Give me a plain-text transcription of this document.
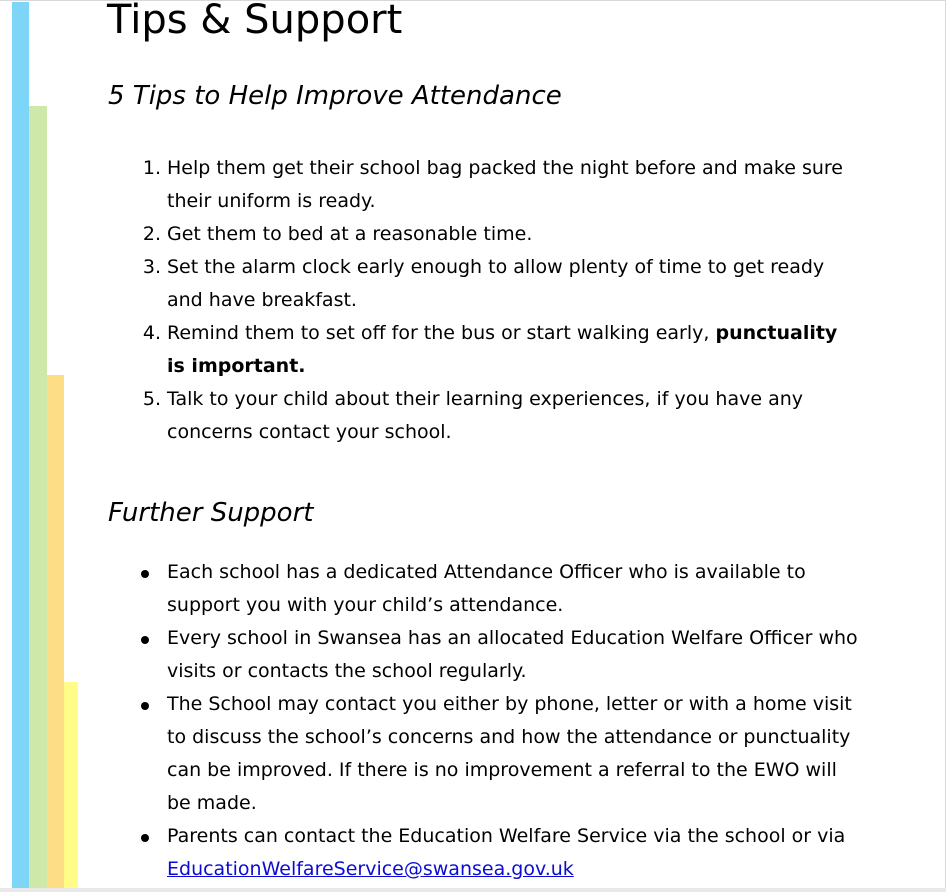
Tips & Support
5 Tips to Help Improve Attendance
1. Help them get their school bag packed the night before and make sure their uniform is ready.
2. Get them to bed at a reasonable time.
3. Set the alarm clock early enough to allow plenty of time to get ready and have breakfast.
4. Remind them to set off for the bus or start walking early, punctuality is important.
5. Talk to your child about their learning experiences, if you have any concerns contact your school.
Further Support
Each school has a dedicated Attendance Officer who is available to support you with your child’s attendance.
Every school in Swansea has an allocated Education Welfare Officer who visits or contacts the school regularly.
The School may contact you either by phone, letter or with a home visit to discuss the school’s concerns and how the attendance or punctuality can be improved. If there is no improvement a referral to the EWO will be made.
Parents can contact the Education Welfare Service via the school or via EducationWelfareService@swansea.gov.uk
